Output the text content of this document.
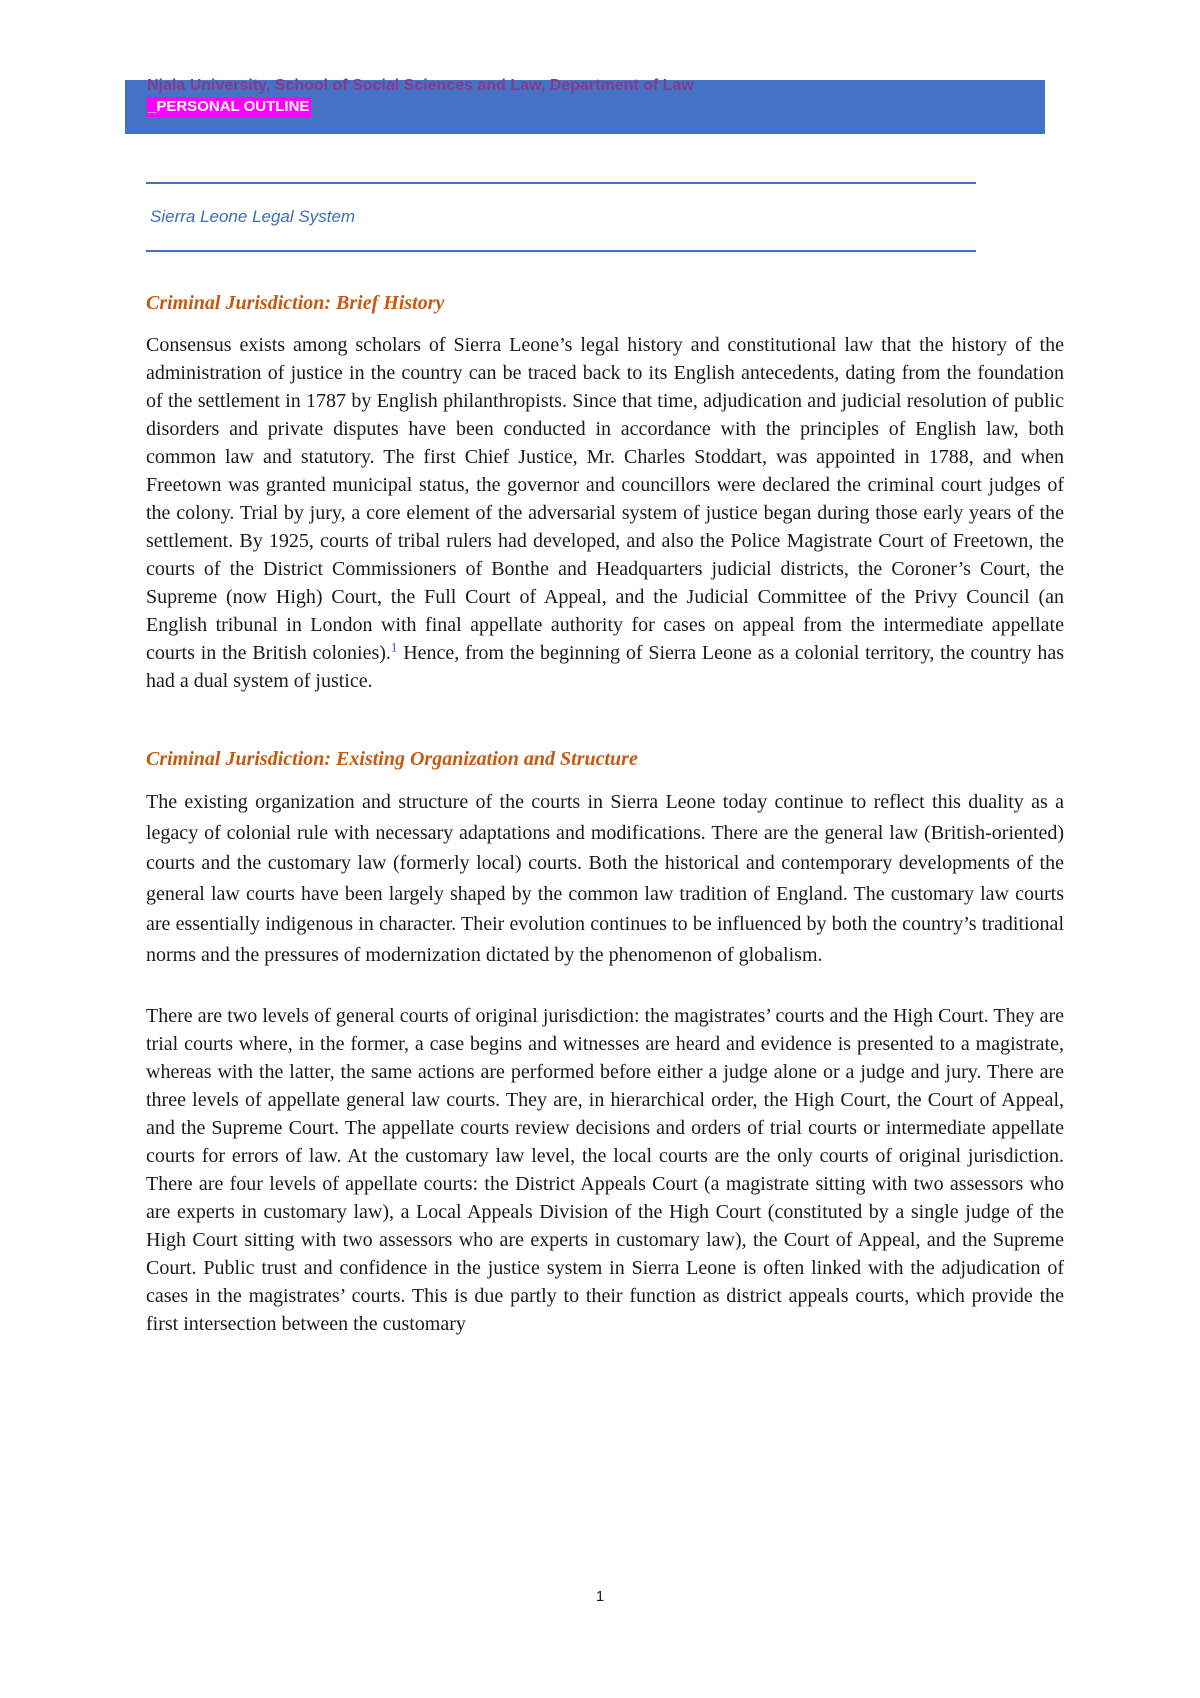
Njala University, School of Social Sciences and Law, Department of Law
_PERSONAL OUTLINE
Sierra Leone Legal System
Criminal Jurisdiction: Brief History

Consensus exists among scholars of Sierra Leone’s legal history and constitutional law that the history of the administration of justice in the country can be traced back to its English antecedents, dating from the foundation of the settlement in 1787 by English philanthropists. Since that time, adjudication and judicial resolution of public disorders and private disputes have been conducted in accordance with the principles of English law, both common law and statutory. The first Chief Justice, Mr. Charles Stoddart, was appointed in 1788, and when Freetown was granted municipal status, the governor and councillors were declared the criminal court judges of the colony. Trial by jury, a core element of the adversarial system of justice began during those early years of the settlement. By 1925, courts of tribal rulers had developed, and also the Police Magistrate Court of Freetown, the courts of the District Commissioners of Bonthe and Headquarters judicial districts, the Coroner’s Court, the Supreme (now High) Court, the Full Court of Appeal, and the Judicial Committee of the Privy Council (an English tribunal in London with final appellate authority for cases on appeal from the intermediate appellate courts in the British colonies).$^1$ Hence, from the beginning of Sierra Leone as a colonial territory, the country has had a dual system of justice.

Criminal Jurisdiction: Existing Organization and Structure

The existing organization and structure of the courts in Sierra Leone today continue to reflect this duality as a legacy of colonial rule with necessary adaptations and modifications. There are the general law (British-oriented) courts and the customary law (formerly local) courts. Both the historical and contemporary developments of the general law courts have been largely shaped by the common law tradition of England. The customary law courts are essentially indigenous in character. Their evolution continues to be influenced by both the country’s traditional norms and the pressures of modernization dictated by the phenomenon of globalism.

There are two levels of general courts of original jurisdiction: the magistrates’ courts and the High Court. They are trial courts where, in the former, a case begins and witnesses are heard and evidence is presented to a magistrate, whereas with the latter, the same actions are performed before either a judge alone or a judge and jury. There are three levels of appellate general law courts. They are, in hierarchical order, the High Court, the Court of Appeal, and the Supreme Court. The appellate courts review decisions and orders of trial courts or intermediate appellate courts for errors of law. At the customary law level, the local courts are the only courts of original jurisdiction. There are four levels of appellate courts: the District Appeals Court (a magistrate sitting with two assessors who are experts in customary law), a Local Appeals Division of the High Court (constituted by a single judge of the High Court sitting with two assessors who are experts in customary law), the Court of Appeal, and the Supreme Court. Public trust and confidence in the justice system in Sierra Leone is often linked with the adjudication of cases in the magistrates’ courts. This is due partly to their function as district appeals courts, which provide the first intersection between the customary

1
